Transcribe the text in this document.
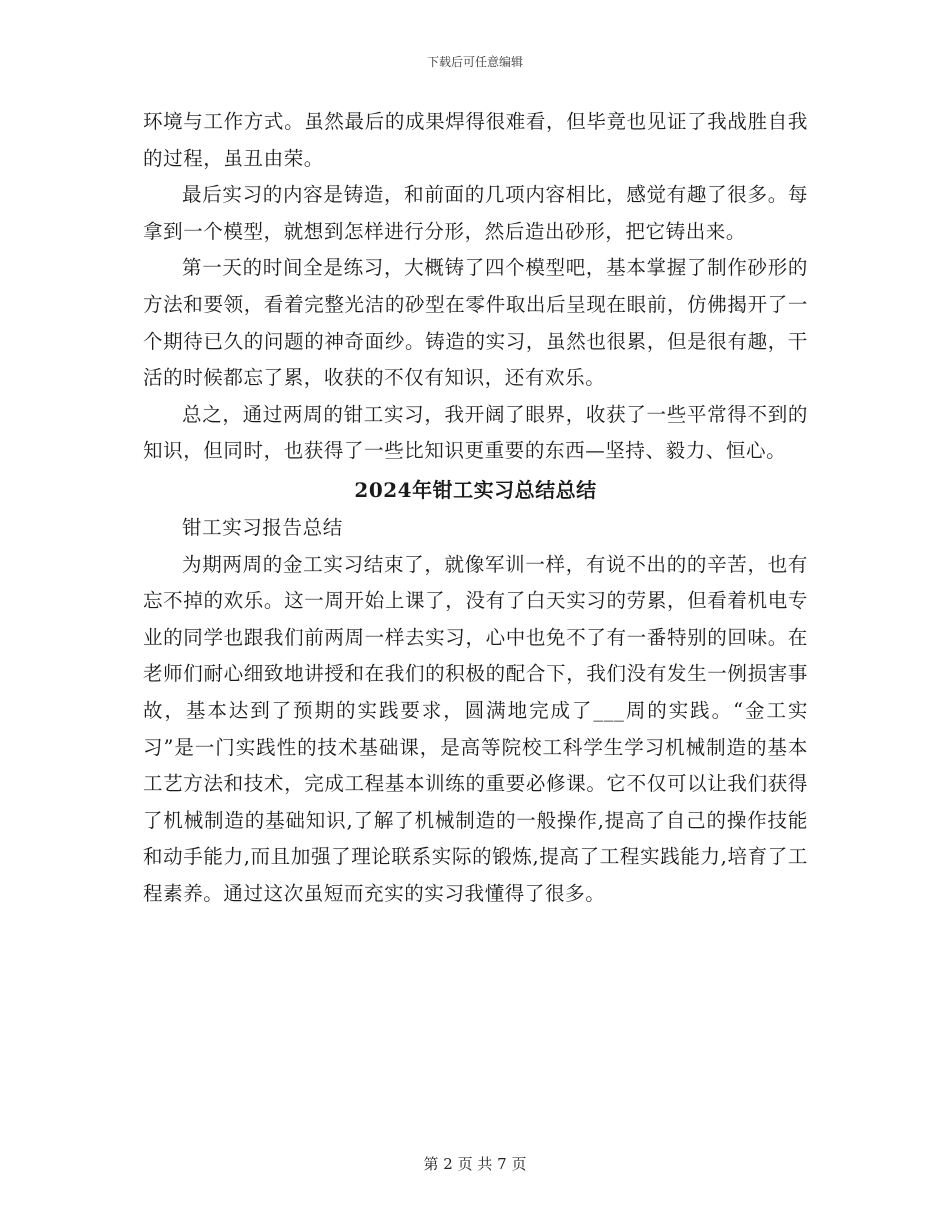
下载后可任意编辑

环境与工作方式。虽然最后的成果焊得很难看，但毕竟也见证了我战胜自我的过程，虽丑由荣。

最后实习的内容是铸造，和前面的几项内容相比，感觉有趣了很多。每拿到一个模型，就想到怎样进行分形，然后造出砂形，把它铸出来。

第一天的时间全是练习，大概铸了四个模型吧，基本掌握了制作砂形的方法和要领，看着完整光洁的砂型在零件取出后呈现在眼前，仿佛揭开了一个期待已久的问题的神奇面纱。铸造的实习，虽然也很累，但是很有趣，干活的时候都忘了累，收获的不仅有知识，还有欢乐。

总之，通过两周的钳工实习，我开阔了眼界，收获了一些平常得不到的知识，但同时，也获得了一些比知识更重要的东西—坚持、毅力、恒心。

2024年钳工实习总结总结

钳工实习报告总结

为期两周的金工实习结束了，就像军训一样，有说不出的的辛苦，也有忘不掉的欢乐。这一周开始上课了，没有了白天实习的劳累，但看着机电专业的同学也跟我们前两周一样去实习，心中也免不了有一番特别的回味。在老师们耐心细致地讲授和在我们的积极的配合下，我们没有发生一例损害事故，基本达到了预期的实践要求，圆满地完成了___周的实践。“金工实习”是一门实践性的技术基础课，是高等院校工科学生学习机械制造的基本工艺方法和技术，完成工程基本训练的重要必修课。它不仅可以让我们获得了机械制造的基础知识,了解了机械制造的一般操作,提高了自己的操作技能和动手能力,而且加强了理论联系实际的锻炼,提高了工程实践能力,培育了工程素养。通过这次虽短而充实的实习我懂得了很多。

第 2 页 共 7 页
